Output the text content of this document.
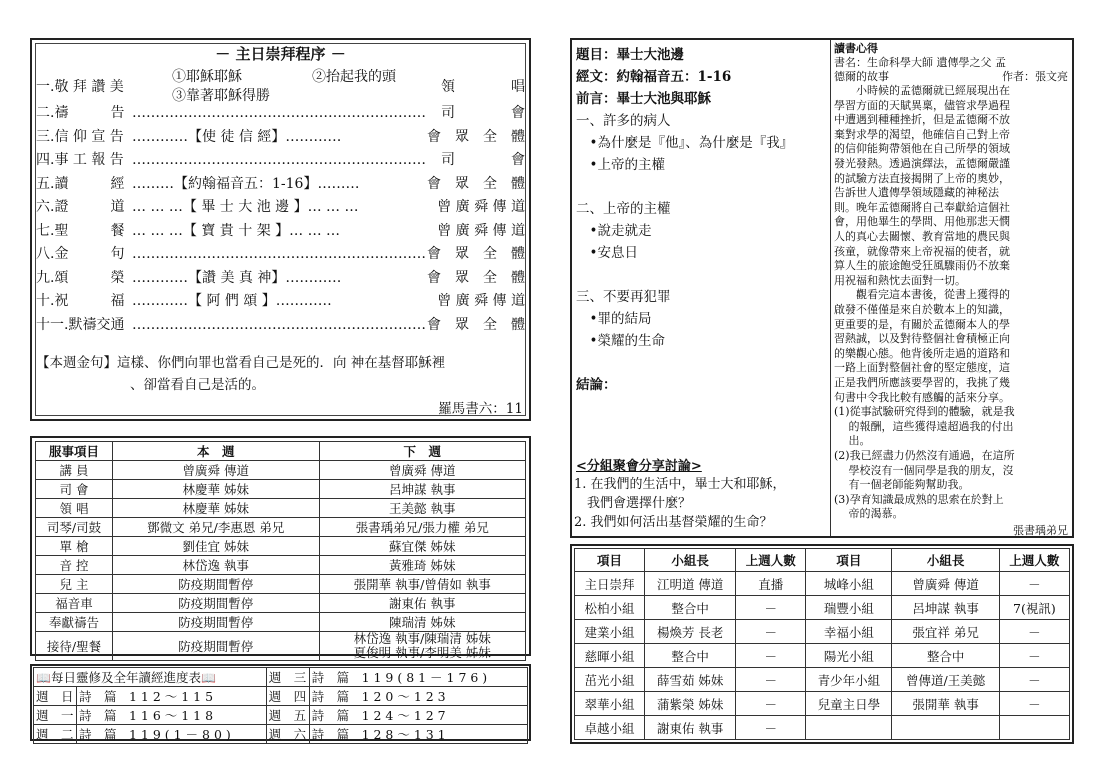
－ 主日崇拜程序 －
①耶穌耶穌	②抬起我的頭
③靠著耶穌得勝
一.敬 拜 讚 美	領　　　　唱
二.禱　　　告 ……………………………………………………… 司　　　　會
三.信 仰 宣 告 …………【使 徒 信 經】…………	會　眾　全　體
四.事 工 報 告 ……………………………………………………… 司　　　　會
五.讀　　　經 ………【約翰福音五：1-16】………	會　眾　全　體
六.證　　　道 … … …【 畢 士 大 池 邊 】… … …	曾 廣 舜 傳 道
七.聖　　　餐 … … …【 寶 貴 十 架 】… … …	曾 廣 舜 傳 道
八.金　　　句 ……………………………………………………… 會　眾　全　體
九.頌　　　榮 …………【讚 美 真 神】…………	會　眾　全　體
十.祝　　　福 …………【 阿 們 頌 】…………	曾 廣 舜 傳 道
十一.默禱交通 ……………………………………………………… 會　眾　全　體
【本週金句】這樣、你們向罪也當看自己是死的．向 神在基督耶穌裡
、卻當看自己是活的。
羅馬書六：11
服事項目	本　週	下　週
講 員	曾廣舜 傳道	曾廣舜 傳道
司 會	林慶華 姊妹	呂坤謀 執事
領 唱	林慶華 姊妹	王美懿 執事
司琴/司鼓	鄧微文 弟兄/李惠恩 弟兄	張書瑀弟兄/張力權 弟兄
單 槍	劉佳宜 姊妹	蘇宜傑 姊妹
音 控	林岱逸 執事	黃雅琦 姊妹
兒 主	防疫期間暫停	張開華 執事/曾倩如 執事
福音車	防疫期間暫停	謝東佑 執事
奉獻禱告	防疫期間暫停	陳瑞清 姊妹
接待/聖餐	防疫期間暫停	林岱逸 執事/陳瑞清 姊妹
夏俊明 執事/李明美 姊妹
📖每日靈修及全年讀經進度表📖		週　三	詩　篇　1 1 9 ( 8 1 － 1 7 6 )
週　日	詩　篇　1 1 2 ～ 1 1 5	週　四	詩　篇　1 2 0 ～ 1 2 3
週　一	詩　篇　1 1 6 ～ 1 1 8	週　五	詩　篇　1 2 4 ～ 1 2 7
週　二	詩　篇　1 1 9 ( 1 － 8 0 )	週　六	詩　篇　1 2 8 ～ 1 3 1
題目：畢士大池邊
經文：約翰福音五：1-16
前言：畢士大池與耶穌
一、許多的病人
　•為什麼是『他』、為什麼是『我』
　•上帝的主權
二、上帝的主權
　•說走就走
　•安息日
三、不要再犯罪
　•罪的結局
　•榮耀的生命
結論：
<分組聚會分享討論>
1. 在我們的生活中，畢士大和耶穌，
　我們會選擇什麼？
2. 我們如何活出基督榮耀的生命？
讀書心得
書名：生命科學大師 遺傳學之父 孟
德爾的故事	作者：張文亮
　　小時候的孟德爾就已經展現出在
學習方面的天賦異稟，儘管求學過程
中遭遇到種種挫折，但是孟德爾不放
棄對求學的渴望，他確信自己對上帝
的信仰能夠帶領他在自己所學的領域
發光發熱。透過演繹法，孟德爾嚴謹
的試驗方法直接揭開了上帝的奧妙，
告訴世人遺傳學領域隱藏的神秘法
則。晚年孟德爾將自己奉獻給這個社
會，用他畢生的學問、用他那悲天憫
人的真心去關懷、教育當地的農民與
孩童，就像帶來上帝祝福的使者，就
算人生的旅途飽受狂風驟雨仍不放棄
用祝福和熱忱去面對一切。
　　觀看完這本書後，從書上獲得的
啟發不僅僅是來自於數本上的知識，
更重要的是，有關於孟德爾本人的學
習熱誠，以及對待整個社會積極正向
的樂觀心態。他背後所走過的道路和
一路上面對整個社會的堅定態度，這
正是我們所應該要學習的，我挑了幾
句書中令我比較有感觸的話來分享。
(1)從事試驗研究得到的體驗，就是我
　 的報酬，這些獲得遠超過我的付出
　 出。
(2)我已經盡力仍然沒有通過，在這所
　 學校沒有一個同學是我的朋友，沒
　 有一個老師能夠幫助我。
(3)孕育知識最成熟的思索在於對上
　 帝的渴慕。
張書瑀弟兄
項目	小組長	上週人數	項目	小組長	上週人數
主日崇拜	江明道 傳道	直播	城峰小組	曾廣舜 傳道	－
松柏小組	整合中	－	瑞豐小組	呂坤謀 執事	7(視訊)
建業小組	楊煥芳 長老	－	幸福小組	張宜祥 弟兄	－
慈暉小組	整合中	－	陽光小組	整合中	－
茁光小組	薛雪茹 姊妹	－	青少年小組	曾傳道/王美懿	－
翠華小組	蒲紫榮 姊妹	－	兒童主日學	張開華 執事	－
卓越小組	謝東佑 執事	－			
